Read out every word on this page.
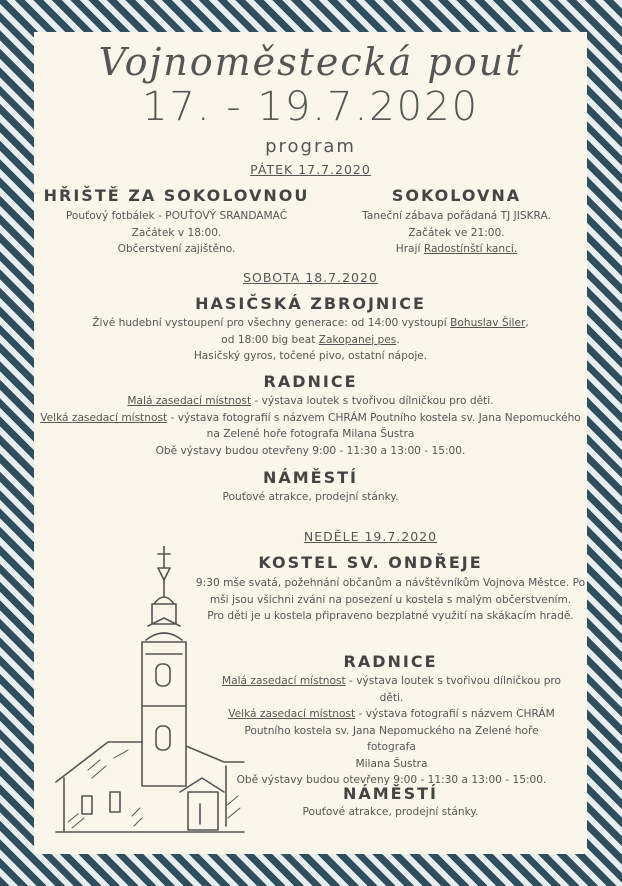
Vojnoměstecká pouť
17. - 19.7.2020
program
PÁTEK 17.7.2020
HŘIŠTĚ ZA SOKOLOVNOU
Pouťový fotbálek - POUŤOVÝ SRANDAMAČ
Začátek v 18:00.
Občerstvení zajištěno.
SOKOLOVNA
Taneční zábava pořádaná TJ JISKRA.
Začátek ve 21:00.
Hrají Radostínští kanci.
SOBOTA 18.7.2020
HASIČSKÁ ZBROJNICE
Živé hudební vystoupení pro všechny generace: od 14:00 vystoupí Bohuslav Šiler,
od 18:00 big beat Zakopanej pes.
Hasičský gyros, točené pivo, ostatní nápoje.
RADNICE
Malá zasedací místnost - výstava loutek s tvořivou dílničkou pro děti.
Velká zasedací místnost - výstava fotografií s názvem CHRÁM Poutního kostela sv. Jana Nepomuckého
na Zelené hoře fotografa Milana Šustra
Obě výstavy budou otevřeny 9:00 - 11:30 a 13:00 - 15:00.
NÁMĚSTÍ
Pouťové atrakce, prodejní stánky.
NEDĚLE 19.7.2020
KOSTEL SV. ONDŘEJE
9:30 mše svatá, požehnání občanům a návštěvníkům Vojnova Městce. Po
mši jsou všichni zváni na posezení u kostela s malým občerstvením.
Pro děti je u kostela připraveno bezplatné využití na skákacím hradě.
RADNICE
Malá zasedací místnost - výstava loutek s tvořivou dílničkou pro
děti.
Velká zasedací místnost - výstava fotografií s názvem CHRÁM
Poutního kostela sv. Jana Nepomuckého na Zelené hoře fotografa
Milana Šustra
Obě výstavy budou otevřeny 9:00 - 11:30 a 13:00 - 15:00.
NÁMĚSTÍ
Pouťové atrakce, prodejní stánky.
